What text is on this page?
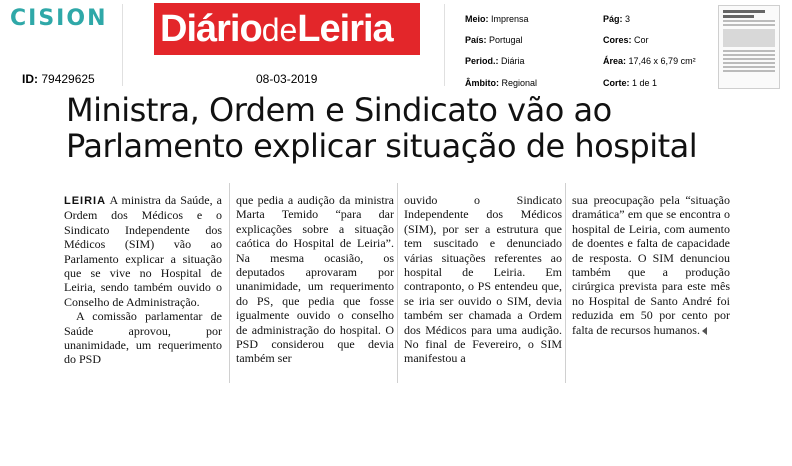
CISION DiáriodeLeiria
ID: 79429625	08-03-2019
Meio: Imprensa
País: Portugal
Period.: Diária
Âmbito: Regional
Pág: 3
Cores: Cor
Área: 17,46 x 6,79 cm²
Corte: 1 de 1
Ministra, Ordem e Sindicato vão ao
Parlamento explicar situação de hospital

LEIRIA A ministra da Saúde, a Ordem dos Médicos e o Sindicato Independente dos Médicos (SIM) vão ao Parlamento explicar a situação que se vive no Hospital de Leiria, sendo também ouvido o Conselho de Administração.

A comissão parlamentar de Saúde aprovou, por unanimidade, um requerimento do PSD

que pedia a audição da ministra Marta Temido “para dar explicações sobre a situação caótica do Hospital de Leiria”. Na mesma ocasião, os deputados aprovaram por unanimidade, um requerimento do PS, que pedia que fosse igualmente ouvido o conselho de administração do hospital. O PSD considerou que devia também ser

ouvido o Sindicato Independente dos Médicos (SIM), por ser a estrutura que tem suscitado e denunciado várias situações referentes ao hospital de Leiria. Em contraponto, o PS entendeu que, se iria ser ouvido o SIM, devia também ser chamada a Ordem dos Médicos para uma audição. No final de Fevereiro, o SIM manifestou a

sua preocupação pela “situação dramática” em que se encontra o hospital de Leiria, com aumento de doentes e falta de capacidade de resposta. O SIM denunciou também que a produção cirúrgica prevista para este mês no Hospital de Santo André foi reduzida em 50 por cento por falta de recursos humanos.
